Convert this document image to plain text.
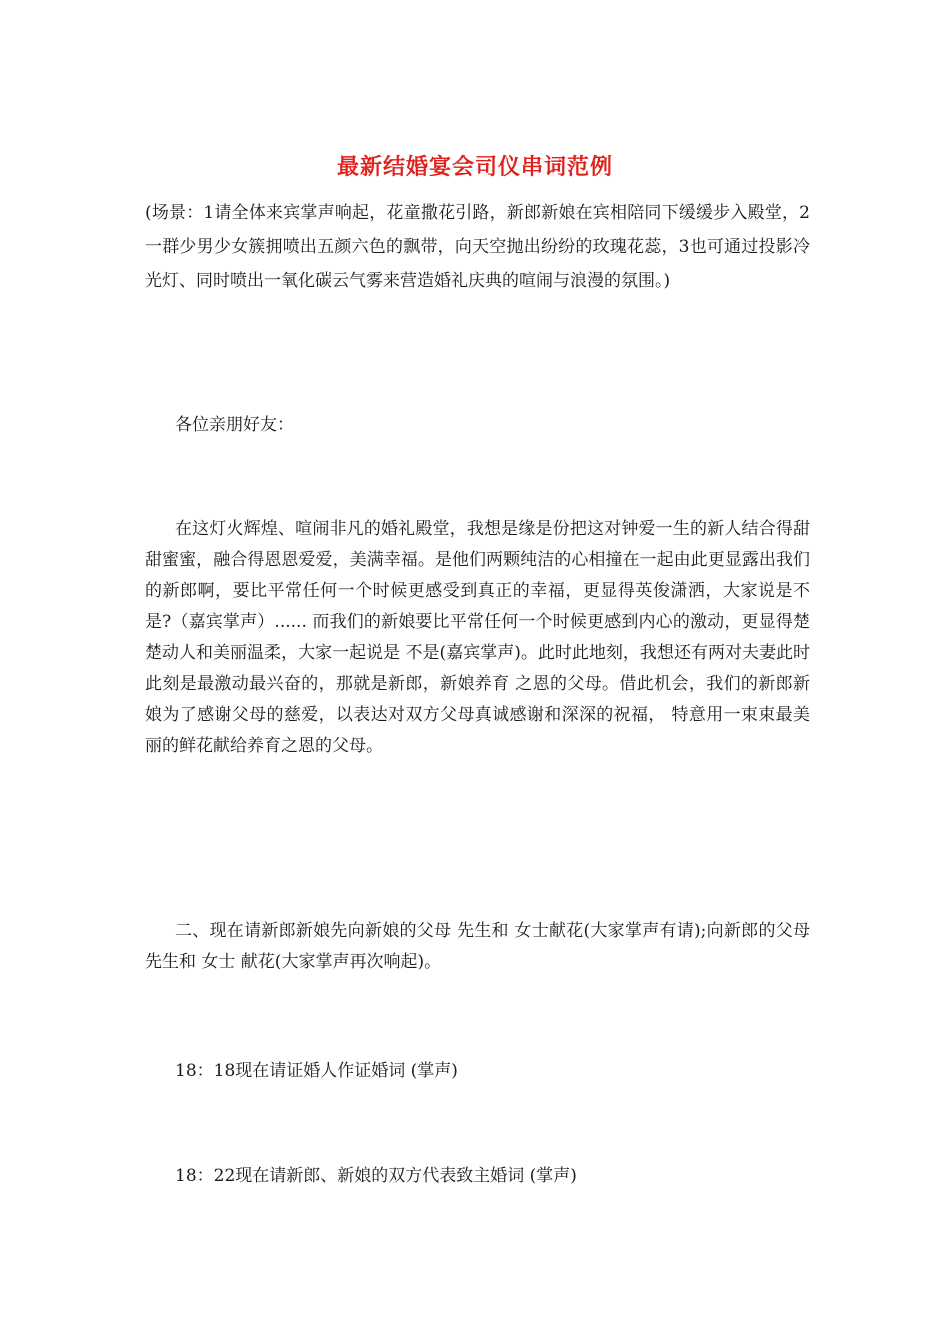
最新结婚宴会司仪串词范例

(场景：1请全体来宾掌声响起，花童撒花引路，新郎新娘在宾相陪同下缓缓步入殿堂，2一群少男少女簇拥喷出五颜六色的飘带，向天空抛出纷纷的玫瑰花蕊，3也可通过投影冷光灯、同时喷出一氧化碳云气雾来营造婚礼庆典的喧闹与浪漫的氛围。)

各位亲朋好友：

在这灯火辉煌、喧闹非凡的婚礼殿堂，我想是缘是份把这对钟爱一生的新人结合得甜甜蜜蜜，融合得恩恩爱爱，美满幸福。是他们两颗纯洁的心相撞在一起由此更显露出我们的新郎啊，要比平常任何一个时候更感受到真正的幸福，更显得英俊潇洒，大家说是不是?（嘉宾掌声）...... 而我们的新娘要比平常任何一个时候更感到内心的激动，更显得楚楚动人和美丽温柔，大家一起说是 不是(嘉宾掌声)。此时此地刻，我想还有两对夫妻此时此刻是最激动最兴奋的，那就是新郎，新娘养育 之恩的父母。借此机会，我们的新郎新娘为了感谢父母的慈爱，以表达对双方父母真诚感谢和深深的祝福， 特意用一束束最美丽的鲜花献给养育之恩的父母。

二、现在请新郎新娘先向新娘的父母 先生和 女士献花(大家掌声有请);向新郎的父母 先生和 女士 献花(大家掌声再次响起)。

18：18现在请证婚人作证婚词 (掌声)

18：22现在请新郎、新娘的双方代表致主婚词 (掌声)
